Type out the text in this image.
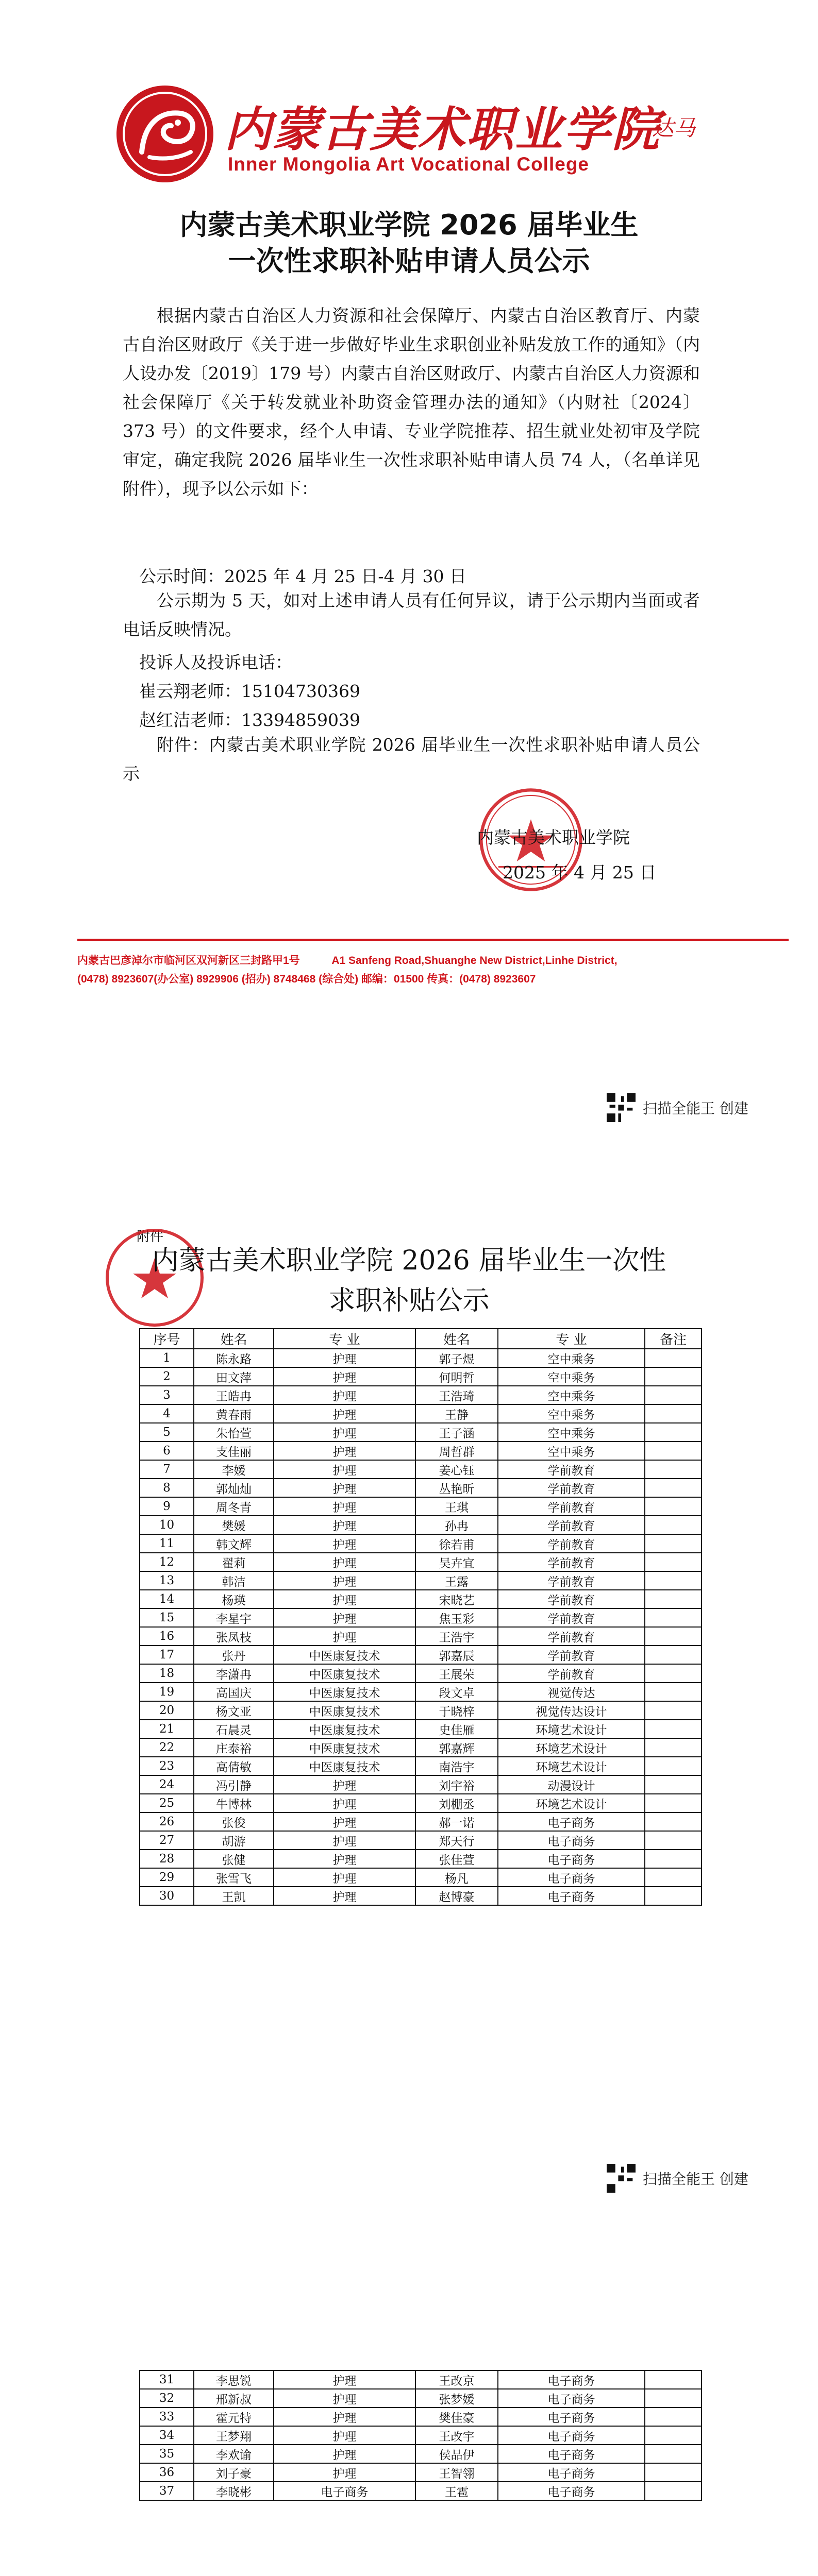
内蒙古美术职业学院
达马
Inner Mongolia Art Vocational College
内蒙古美术职业学院 2026 届毕业生
一次性求职补贴申请人员公示

根据内蒙古自治区人力资源和社会保障厅、内蒙古自治区教育厅、内蒙古自治区财政厅《关于进一步做好毕业生求职创业补贴发放工作的通知》（内人设办发〔2019〕179 号）内蒙古自治区财政厅、内蒙古自治区人力资源和社会保障厅《关于转发就业补助资金管理办法的通知》（内财社〔2024〕373 号）的文件要求，经个人申请、专业学院推荐、招生就业处初审及学院审定，确定我院 2026 届毕业生一次性求职补贴申请人员 74 人，（名单详见附件），现予以公示如下：

公示时间：2025 年 4 月 25 日-4 月 30 日

公示期为 5 天，如对上述申请人员有任何异议，请于公示期内当面或者电话反映情况。

投诉人及投诉电话：
崔云翔老师：15104730369
赵红洁老师：13394859039

附件：内蒙古美术职业学院 2026 届毕业生一次性求职补贴申请人员公示

内蒙古美术职业学院
2025 年 4 月 25 日
内蒙古巴彦淖尔市临河区双河新区三封路甲1号	A1 Sanfeng Road,Shuanghe New District,Linhe District,
(0478) 8923607(办公室) 8929906 (招办) 8748468 (综合处) 邮编：01500 传真：(0478) 8923607
扫描全能王 创建
附件
内蒙古美术职业学院 2026 届毕业生一次性
求职补贴公示
序号	姓名	专 业	姓名	专 业	备注
1	陈永路	护理	郭子煜	空中乘务	
2	田文萍	护理	何明哲	空中乘务	
3	王皓冉	护理	王浩琦	空中乘务	
4	黄春雨	护理	王静	空中乘务	
5	朱怡萱	护理	王子涵	空中乘务	
6	支佳丽	护理	周哲群	空中乘务	
7	李媛	护理	姜心钰	学前教育	
8	郭灿灿	护理	丛艳昕	学前教育	
9	周冬青	护理	王琪	学前教育	
10	樊媛	护理	孙冉	学前教育	
11	韩文辉	护理	徐若甫	学前教育	
12	翟莉	护理	吴卉宜	学前教育	
13	韩洁	护理	王露	学前教育	
14	杨瑛	护理	宋晓艺	学前教育	
15	李星宇	护理	焦玉彩	学前教育	
16	张凤枝	护理	王浩宇	学前教育	
17	张丹	中医康复技术	郭嘉辰	学前教育	
18	李潇冉	中医康复技术	王展荣	学前教育	
19	高国庆	中医康复技术	段文卓	视觉传达	
20	杨文亚	中医康复技术	于晓梓	视觉传达设计	
21	石晨灵	中医康复技术	史佳雁	环境艺术设计	
22	庄泰裕	中医康复技术	郭嘉辉	环境艺术设计	
23	高倩敏	中医康复技术	南浩宇	环境艺术设计	
24	冯引静	护理	刘宇裕	动漫设计	
25	牛博林	护理	刘棚丞	环境艺术设计	
26	张俊	护理	郝一诺	电子商务	
27	胡游	护理	郑天行	电子商务	
28	张健	护理	张佳萱	电子商务	
29	张雪飞	护理	杨凡	电子商务	
30	王凯	护理	赵博豪	电子商务	
扫描全能王 创建
31	李思锐	护理	王改京	电子商务	
32	邢新叔	护理	张梦媛	电子商务	
33	霍元特	护理	樊佳豪	电子商务	
34	王梦翔	护理	王改宇	电子商务	
35	李欢谕	护理	侯品伊	电子商务	
36	刘子豪	护理	王智翎	电子商务	
37	李晓彬	电子商务	王雹	电子商务	
